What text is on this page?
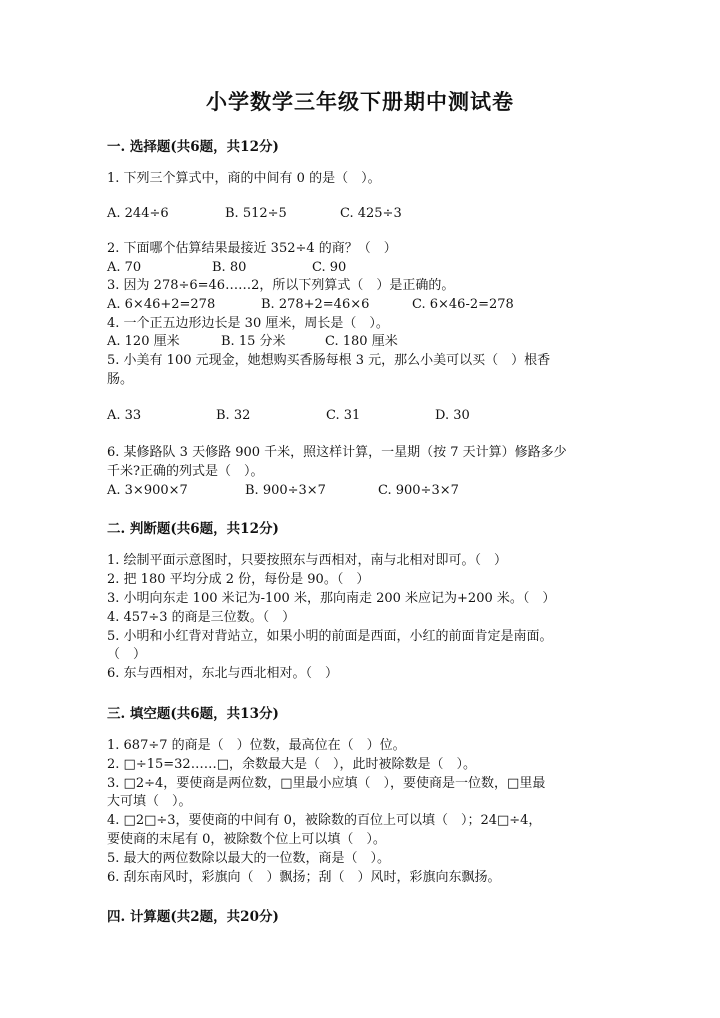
小学数学三年级下册期中测试卷
一. 选择题(共6题，共12分)
1. 下列三个算式中，商的中间有 0 的是（　）。
A. 244÷6	B. 512÷5	C. 425÷3
2. 下面哪个估算结果最接近 352÷4 的商？（　）
A. 70	B. 80	C. 90
3. 因为 278÷6=46……2，所以下列算式（　）是正确的。
A. 6×46+2=278	B. 278+2=46×6	C. 6×46-2=278
4. 一个正五边形边长是 30 厘米，周长是（　）。
A. 120 厘米	B. 15 分米	C. 180 厘米
5. 小美有 100 元现金，她想购买香肠每根 3 元，那么小美可以买（　）根香
肠。
A. 33	B. 32	C. 31	D. 30
6. 某修路队 3 天修路 900 千米，照这样计算，一星期（按 7 天计算）修路多少
千米?正确的列式是（　）。
A. 3×900×7	B. 900÷3×7	C. 900÷3×7
二. 判断题(共6题，共12分)
1. 绘制平面示意图时，只要按照东与西相对，南与北相对即可。（　）
2. 把 180 平均分成 2 份，每份是 90。（　）
3. 小明向东走 100 米记为-100 米，那向南走 200 米应记为+200 米。（　）
4. 457÷3 的商是三位数。（　）
5. 小明和小红背对背站立，如果小明的前面是西面，小红的前面肯定是南面。
（　）
6. 东与西相对，东北与西北相对。（　）
三. 填空题(共6题，共13分)
1. 687÷7 的商是（　）位数，最高位在（　）位。
2. □÷15=32……□，余数最大是（　），此时被除数是（　）。
3. □2÷4，要使商是两位数，□里最小应填（　），要使商是一位数，□里最
大可填（　）。
4. □2□÷3，要使商的中间有 0，被除数的百位上可以填（　）；24□÷4，
要使商的末尾有 0，被除数个位上可以填（　）。
5. 最大的两位数除以最大的一位数，商是（　）。
6. 刮东南风时，彩旗向（　）飘扬；刮（　）风时，彩旗向东飘扬。
四. 计算题(共2题，共20分)
